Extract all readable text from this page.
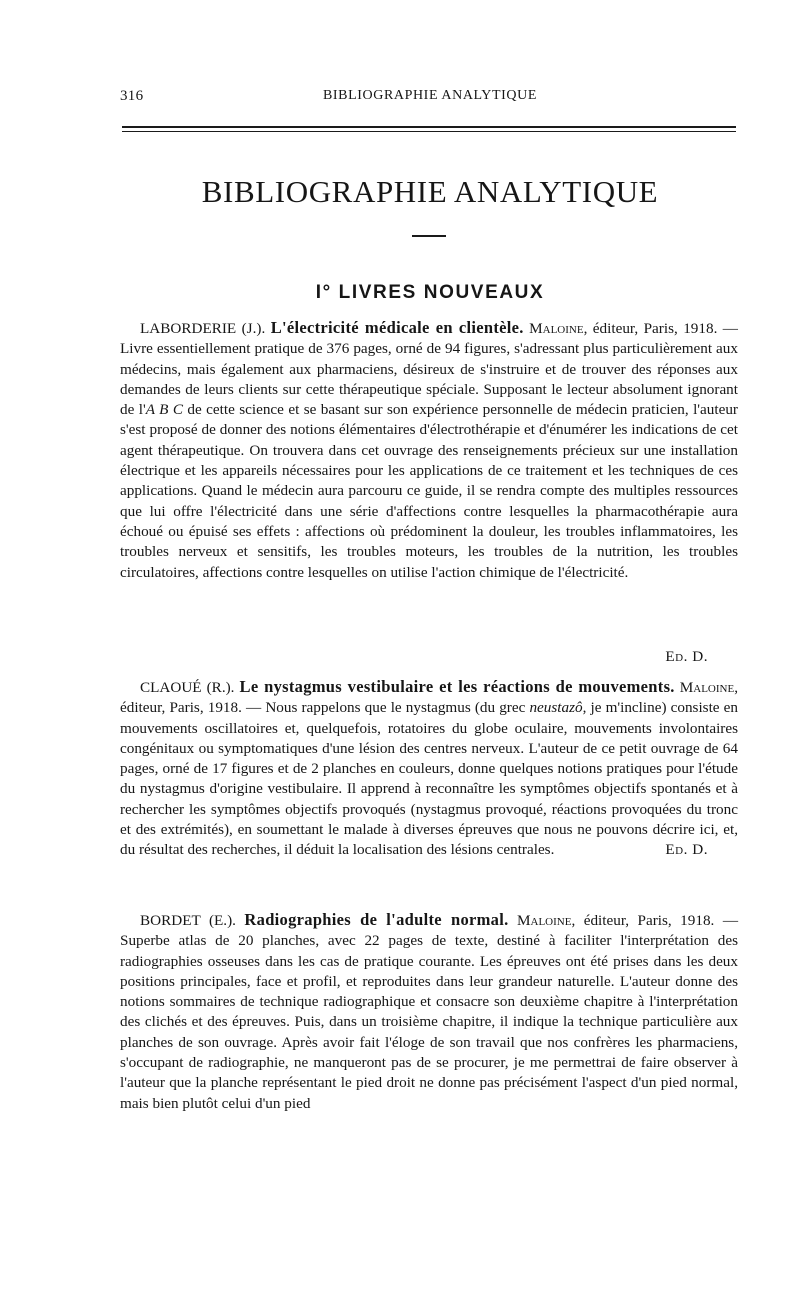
316	BIBLIOGRAPHIE ANALYTIQUE
BIBLIOGRAPHIE ANALYTIQUE
I° LIVRES NOUVEAUX

LABORDERIE (J.). L'électricité médicale en clientèle. Maloine, éditeur, Paris, 1918. — Livre essentiellement pratique de 376 pages, orné de 94 figures, s'adressant plus particulièrement aux médecins, mais également aux pharmaciens, désireux de s'instruire et de trouver des réponses aux demandes de leurs clients sur cette thérapeutique spéciale. Supposant le lecteur absolument ignorant de l'A B C de cette science et se basant sur son expérience personnelle de médecin praticien, l'auteur s'est proposé de donner des notions élémentaires d'électrothérapie et d'énumérer les indications de cet agent thérapeutique. On trouvera dans cet ouvrage des renseignements précieux sur une installation électrique et les appareils nécessaires pour les applications de ce traitement et les techniques de ces applications. Quand le médecin aura parcouru ce guide, il se rendra compte des multiples ressources que lui offre l'électricité dans une série d'affections contre lesquelles la pharmacothérapie aura échoué ou épuisé ses effets : affections où prédominent la douleur, les troubles inflammatoires, les troubles nerveux et sensitifs, les troubles moteurs, les troubles de la nutrition, les troubles circulatoires, affections contre lesquelles on utilise l'action chimique de l'électricité.

Ed. D.

CLAOUÉ (R.). Le nystagmus vestibulaire et les réactions de mouvements. Maloine, éditeur, Paris, 1918. — Nous rappelons que le nystagmus (du grec neustazô, je m'incline) consiste en mouvements oscillatoires et, quelquefois, rotatoires du globe oculaire, mouvements involontaires congénitaux ou symptomatiques d'une lésion des centres nerveux. L'auteur de ce petit ouvrage de 64 pages, orné de 17 figures et de 2 planches en couleurs, donne quelques notions pratiques pour l'étude du nystagmus d'origine vestibulaire. Il apprend à reconnaître les symptômes objectifs spontanés et à rechercher les symptômes objectifs provoqués (nystagmus provoqué, réactions provoquées du tronc et des extrémités), en soumettant le malade à diverses épreuves que nous ne pouvons décrire ici, et, du résultat des recherches, il déduit la localisation des lésions centrales.	Ed. D.

BORDET (E.). Radiographies de l'adulte normal. Maloine, éditeur, Paris, 1918. — Superbe atlas de 20 planches, avec 22 pages de texte, destiné à faciliter l'interprétation des radiographies osseuses dans les cas de pratique courante. Les épreuves ont été prises dans les deux positions principales, face et profil, et reproduites dans leur grandeur naturelle. L'auteur donne des notions sommaires de technique radiographique et consacre son deuxième chapitre à l'interprétation des clichés et des épreuves. Puis, dans un troisième chapitre, il indique la technique particulière aux planches de son ouvrage. Après avoir fait l'éloge de son travail que nos confrères les pharmaciens, s'occupant de radiographie, ne manqueront pas de se procurer, je me permettrai de faire observer à l'auteur que la planche représentant le pied droit ne donne pas précisément l'aspect d'un pied normal, mais bien plutôt celui d'un pied
